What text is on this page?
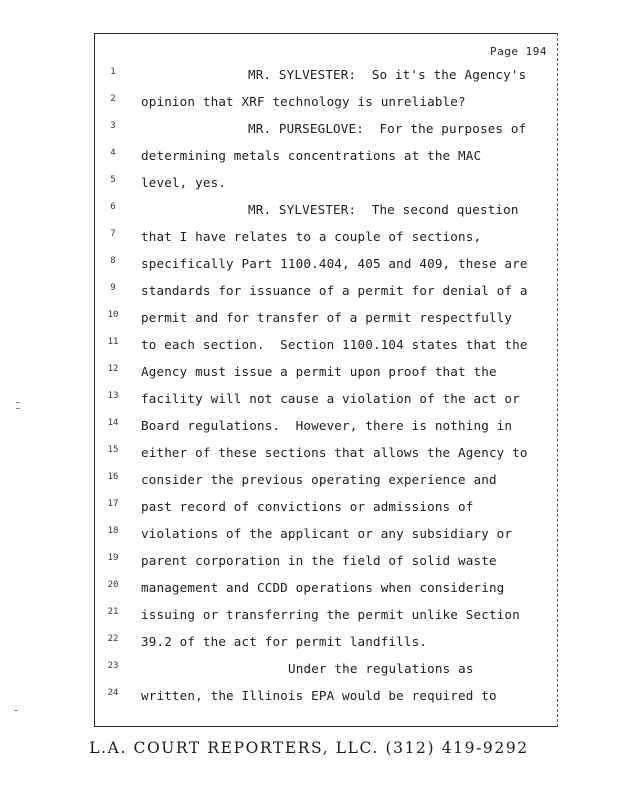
Page 194
1	MR. SYLVESTER:  So it's the Agency's
2	opinion that XRF technology is unreliable?
3	MR. PURSEGLOVE:  For the purposes of
4	determining metals concentrations at the MAC
5	level, yes.
6	MR. SYLVESTER:  The second question
7	that I have relates to a couple of sections,
8	specifically Part 1100.404, 405 and 409, these are
9	standards for issuance of a permit for denial of a
10	permit and for transfer of a permit respectfully
11	to each section.  Section 1100.104 states that the
12	Agency must issue a permit upon proof that the
13	facility will not cause a violation of the act or
14	Board regulations.  However, there is nothing in
15	either of these sections that allows the Agency to
16	consider the previous operating experience and
17	past record of convictions or admissions of
18	violations of the applicant or any subsidiary or
19	parent corporation in the field of solid waste
20	management and CCDD operations when considering
21	issuing or transferring the permit unlike Section
22	39.2 of the act for permit landfills.
23	Under the regulations as
24	written, the Illinois EPA would be required to
L.A. COURT REPORTERS, LLC. (312) 419-9292
